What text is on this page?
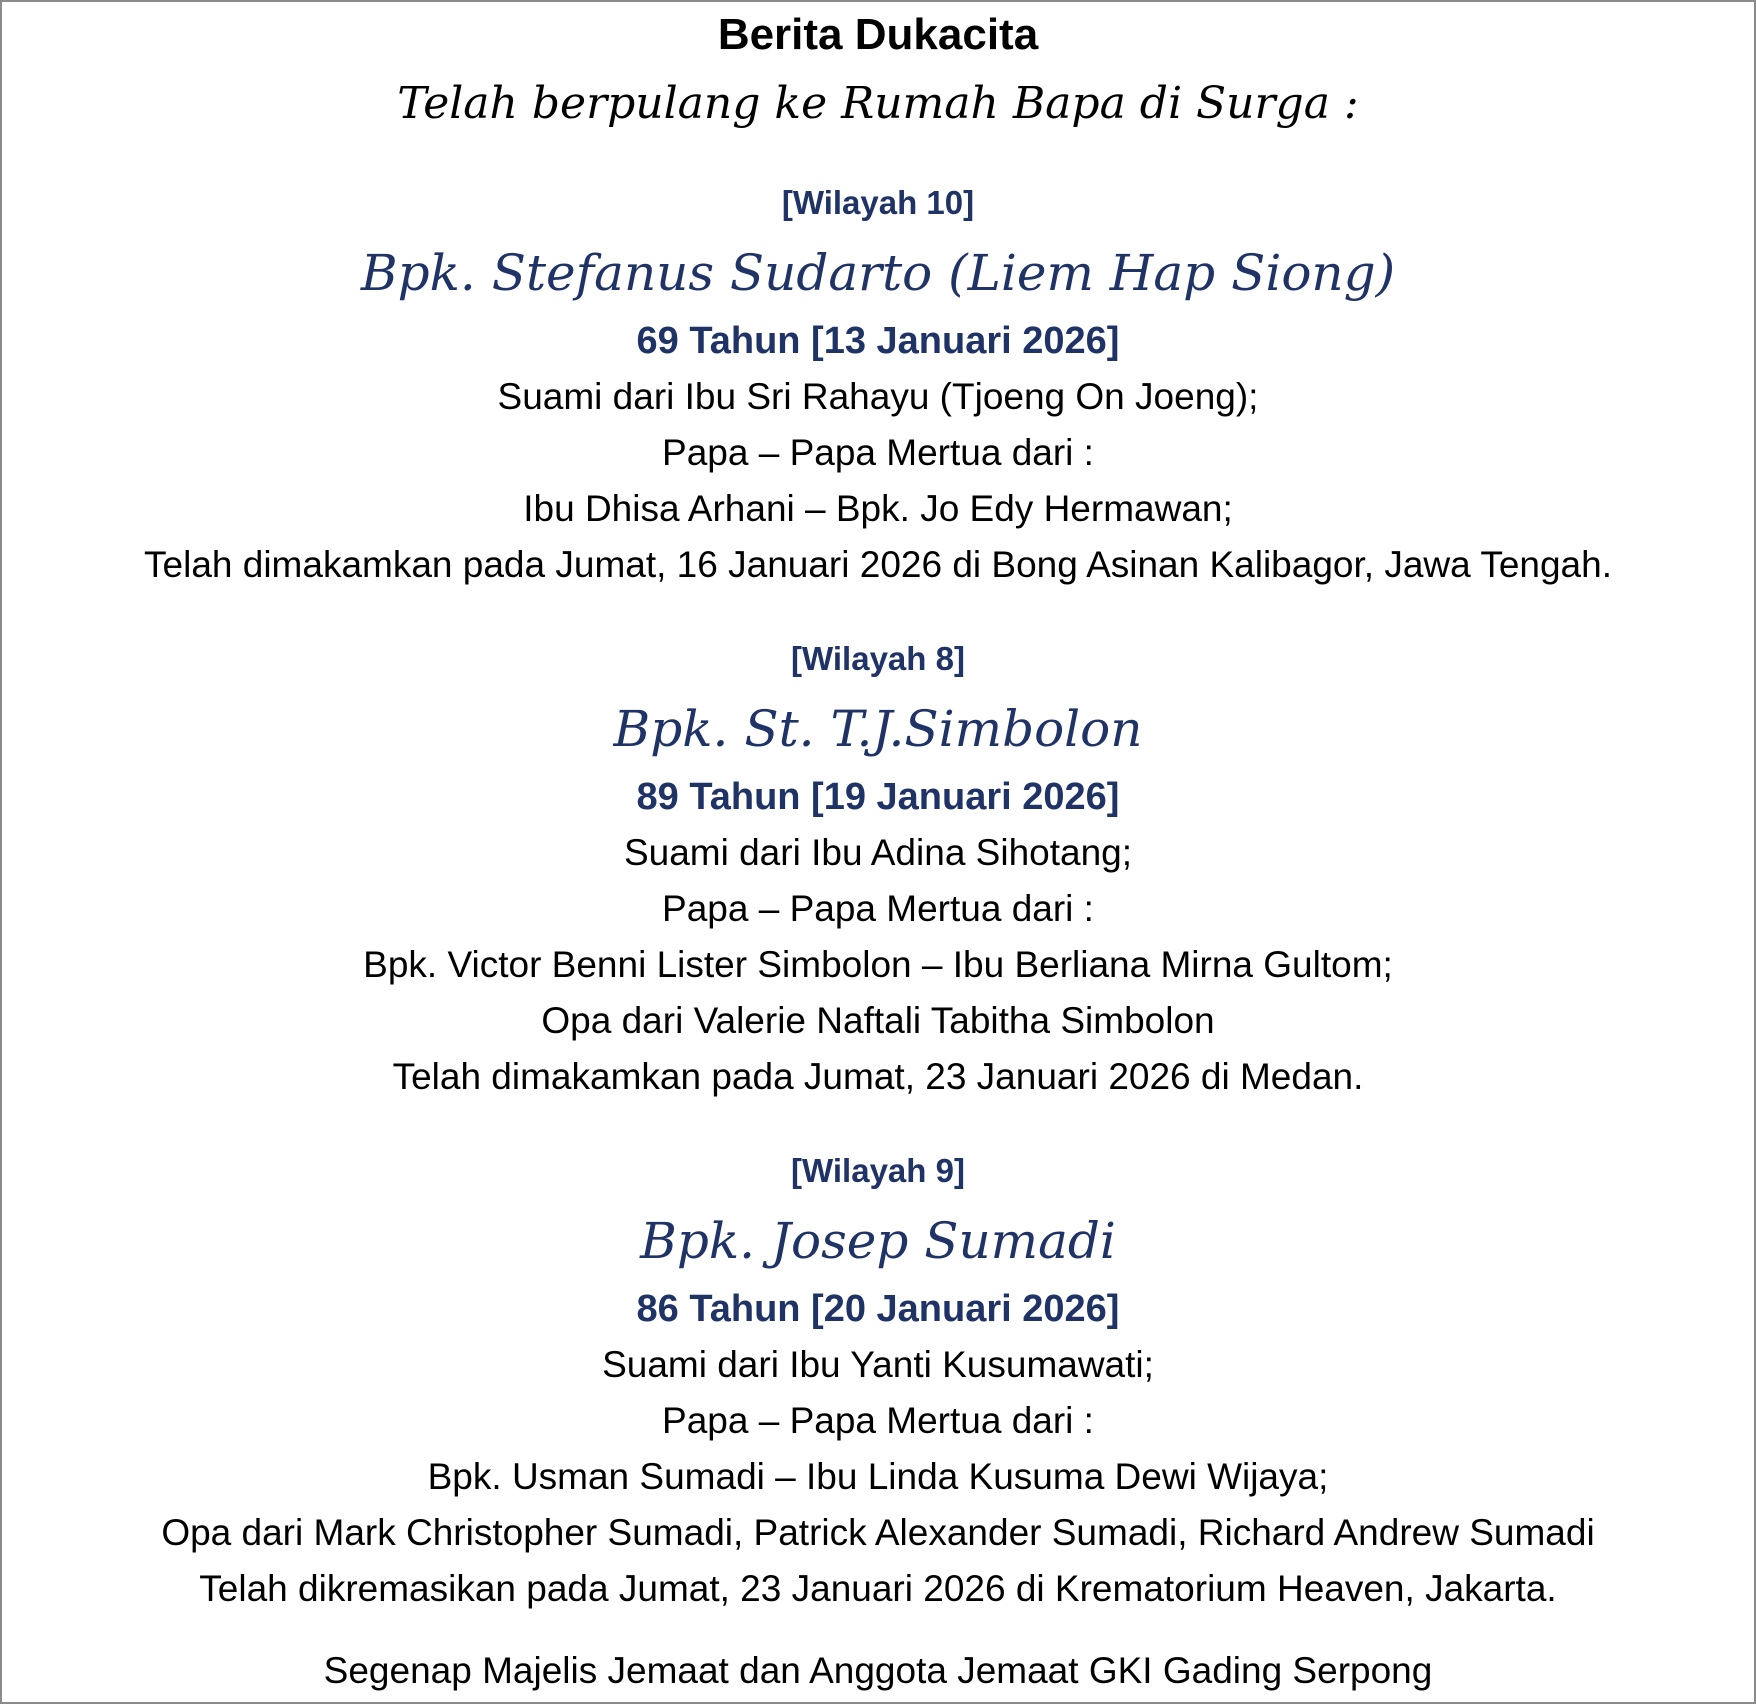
Berita Dukacita
Telah berpulang ke Rumah Bapa di Surga :
[Wilayah 10]
Bpk. Stefanus Sudarto (Liem Hap Siong)
69 Tahun [13 Januari 2026]
Suami dari Ibu Sri Rahayu (Tjoeng On Joeng);
Papa – Papa Mertua dari :
Ibu Dhisa Arhani – Bpk. Jo Edy Hermawan;
Telah dimakamkan pada Jumat, 16 Januari 2026 di Bong Asinan Kalibagor, Jawa Tengah.
[Wilayah 8]
Bpk. St. T.J.Simbolon
89 Tahun [19 Januari 2026]
Suami dari Ibu Adina Sihotang;
Papa – Papa Mertua dari :
Bpk. Victor Benni Lister Simbolon – Ibu Berliana Mirna Gultom;
Opa dari Valerie Naftali Tabitha Simbolon
Telah dimakamkan pada Jumat, 23 Januari 2026 di Medan.
[Wilayah 9]
Bpk. Josep Sumadi
86 Tahun [20 Januari 2026]
Suami dari Ibu Yanti Kusumawati;
Papa – Papa Mertua dari :
Bpk. Usman Sumadi – Ibu Linda Kusuma Dewi Wijaya;
Opa dari Mark Christopher Sumadi, Patrick Alexander Sumadi, Richard Andrew Sumadi
Telah dikremasikan pada Jumat, 23 Januari 2026 di Krematorium Heaven, Jakarta.
Segenap Majelis Jemaat dan Anggota Jemaat GKI Gading Serpong
